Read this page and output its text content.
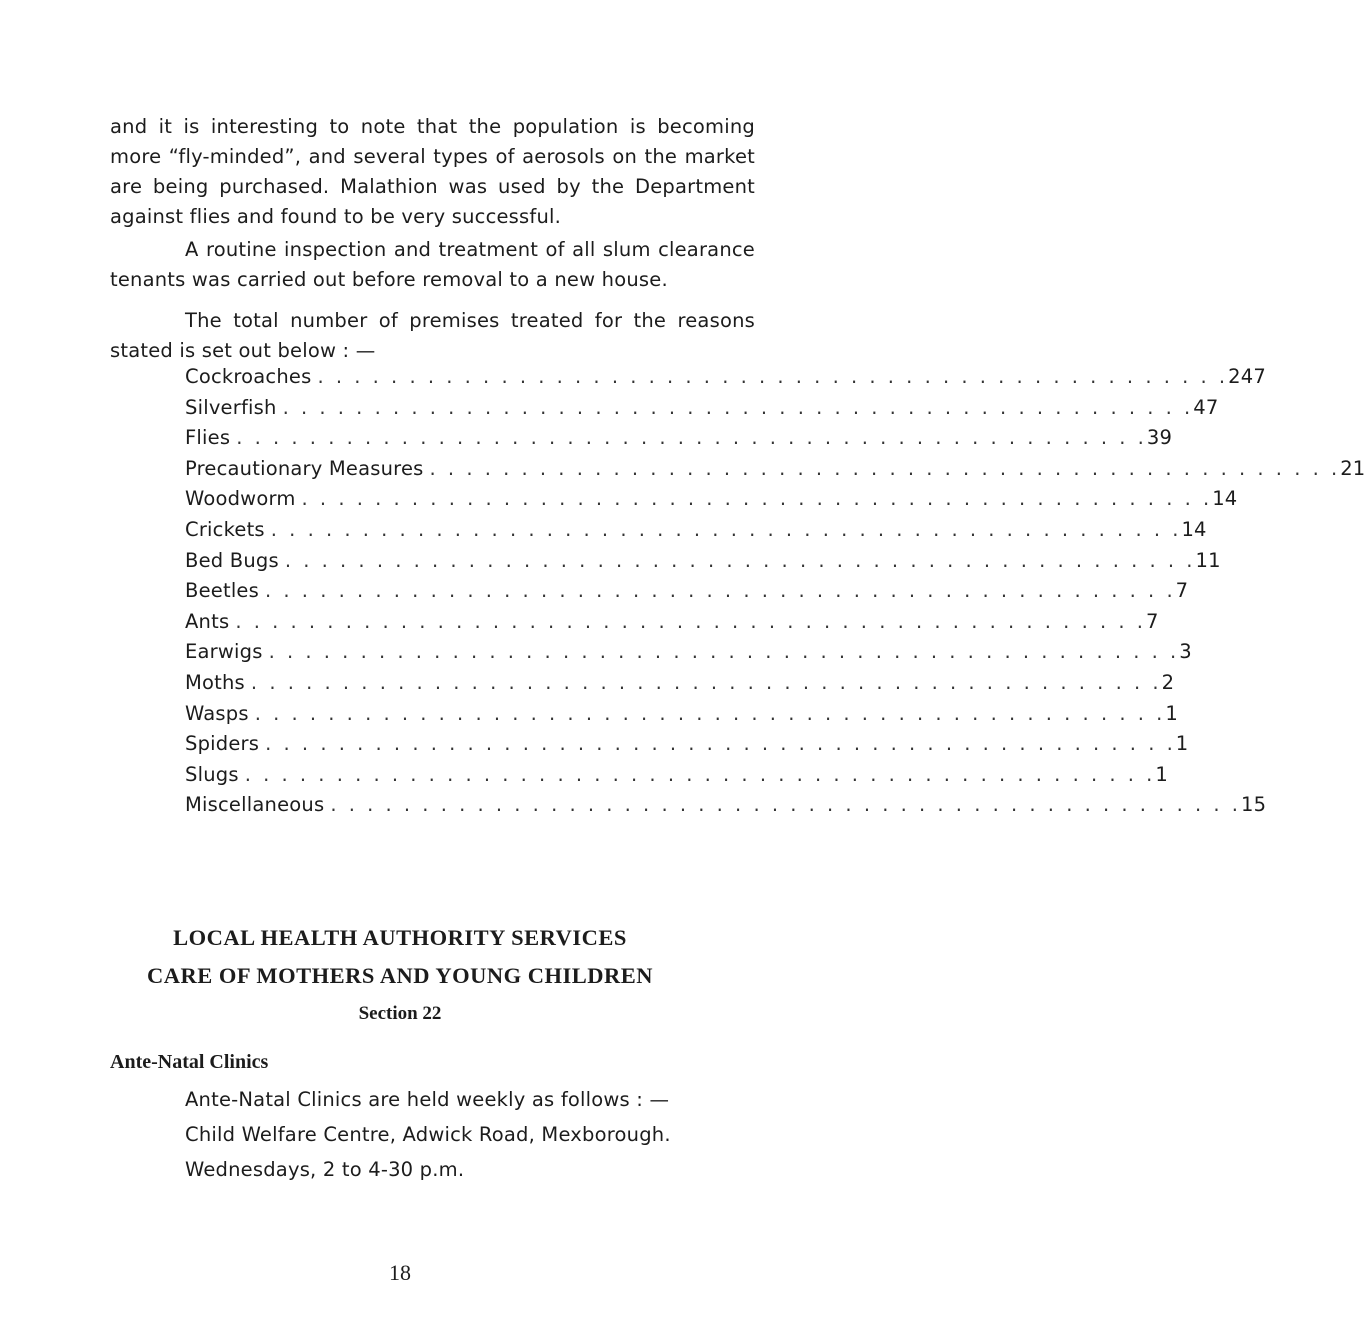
and it is interesting to note that the population is becoming more “fly-minded”, and several types of aerosols on the market are being purchased. Malathion was used by the Department against flies and found to be very successful.

A routine inspection and treatment of all slum clearance tenants was carried out before removal to a new house.

The total number of premises treated for the reasons stated is set out below : —

Cockroaches . . . . . . . . . . . . . . . . . . . . . . . . . . . . . . . . . . . . . . . . . . . . . . . . . . 247
Silverfish . . . . . . . . . . . . . . . . . . . . . . . . . . . . . . . . . . . . . . . . . . . . . . . . . . 47
Flies . . . . . . . . . . . . . . . . . . . . . . . . . . . . . . . . . . . . . . . . . . . . . . . . . . 39
Precautionary Measures . . . . . . . . . . . . . . . . . . . . . . . . . . . . . . . . . . . . . . . . . . . . . . . . . . 21
Woodworm . . . . . . . . . . . . . . . . . . . . . . . . . . . . . . . . . . . . . . . . . . . . . . . . . . 14
Crickets . . . . . . . . . . . . . . . . . . . . . . . . . . . . . . . . . . . . . . . . . . . . . . . . . . 14
Bed Bugs . . . . . . . . . . . . . . . . . . . . . . . . . . . . . . . . . . . . . . . . . . . . . . . . . . 11
Beetles . . . . . . . . . . . . . . . . . . . . . . . . . . . . . . . . . . . . . . . . . . . . . . . . . . 7
Ants . . . . . . . . . . . . . . . . . . . . . . . . . . . . . . . . . . . . . . . . . . . . . . . . . . 7
Earwigs . . . . . . . . . . . . . . . . . . . . . . . . . . . . . . . . . . . . . . . . . . . . . . . . . . 3
Moths . . . . . . . . . . . . . . . . . . . . . . . . . . . . . . . . . . . . . . . . . . . . . . . . . . 2
Wasps . . . . . . . . . . . . . . . . . . . . . . . . . . . . . . . . . . . . . . . . . . . . . . . . . . 1
Spiders . . . . . . . . . . . . . . . . . . . . . . . . . . . . . . . . . . . . . . . . . . . . . . . . . . 1
Slugs . . . . . . . . . . . . . . . . . . . . . . . . . . . . . . . . . . . . . . . . . . . . . . . . . . 1
Miscellaneous . . . . . . . . . . . . . . . . . . . . . . . . . . . . . . . . . . . . . . . . . . . . . . . . . . 15

LOCAL HEALTH AUTHORITY SERVICES

CARE OF MOTHERS AND YOUNG CHILDREN

Section 22

Ante-Natal Clinics

Ante-Natal Clinics are held weekly as follows : —

Child Welfare Centre, Adwick Road, Mexborough.

Wednesdays, 2 to 4-30 p.m.

18
